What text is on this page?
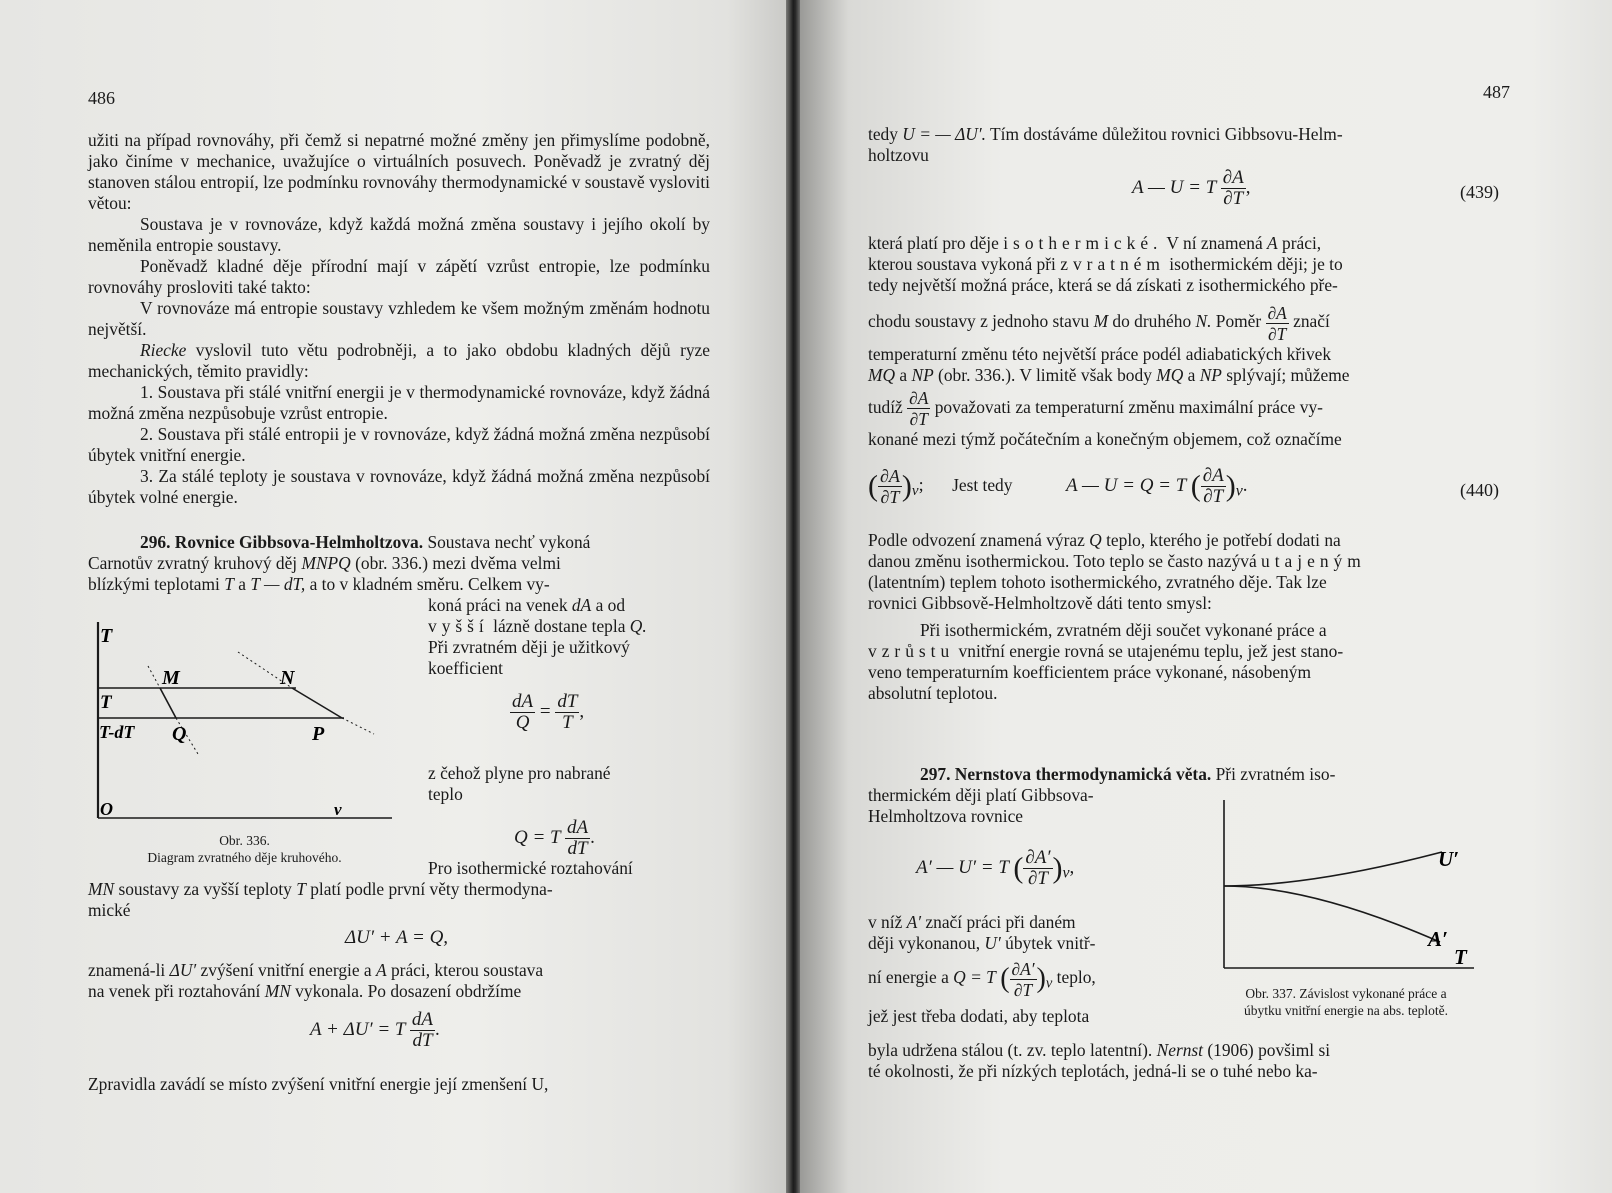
486

užiti na případ rovnováhy, při čemž si nepatrné možné změny jen přimyslíme podobně, jako činíme v mechanice, uvažujíce o virtuálních posuvech. Poněvadž je zvratný děj stanoven stálou entropií, lze podmínku rovnováhy thermodynamické v soustavě vysloviti větou:

Soustava je v rovnováze, když každá možná změna soustavy i jejího okolí by neměnila entropie soustavy.

Poněvadž kladné děje přírodní mají v zápětí vzrůst entropie, lze podmínku rovnováhy prosloviti také takto:

V rovnováze má entropie soustavy vzhledem ke všem možným změnám hodnotu největší.

Riecke vyslovil tuto větu podrobněji, a to jako obdobu kladných dějů ryze mechanických, těmito pravidly:

1. Soustava při stálé vnitřní energii je v thermodynamické rovnováze, když žádná možná změna nezpůsobuje vzrůst entropie.

2. Soustava při stálé entropii je v rovnováze, když žádná možná změna nezpůsobí úbytek vnitřní energie.

3. Za stálé teploty je soustava v rovnováze, když žádná možná změna nezpůsobí úbytek volné energie.

296. Rovnice Gibbsova-Helmholtzova. Soustava nechť vykoná

Carnotův zvratný kruhový děj MNPQ (obr. 336.) mezi dvěma velmi

blízkými teplotami T a T — dT, a to v kladném směru. Celkem vy-

koná práci na venek dA a od

vyšší lázně dostane tepla Q.

Při zvratném ději je užitkový

koefficient

$\frac{dA}{Q} = \frac{dT}{T}$ ,

z čehož plyne pro nabrané

teplo

Q = T $\frac{dA}{dT}$ .
T
T
T-dT
O	v
M	N
P
Q
Obr. 336.
Diagram zvratného děje kruhového.

Pro isothermické roztahování

MN soustavy za vyšší teploty T platí podle první věty thermodyna-

mické

ΔU′ + A = Q,

znamená-li ΔU′ zvýšení vnitřní energie a A práci, kterou soustava

na venek při roztahování MN vykonala. Po dosazení obdržíme

A + ΔU′ = T $\frac{dA}{dT}$ .
Zpravidla zavádí se místo zvýšení vnitřní energie její zmenšení U,
487

tedy U = — ΔU′. Tím dostáváme důležitou rovnici Gibbsovu-Helm-

holtzovu

A — U = T $\frac{\partial A}{\partial T}$ ,	(439)

která platí pro děje isothermické. V ní znamená A práci,

kterou soustava vykoná při zvratném isothermickém ději; je to

tedy největší možná práce, která se dá získati z isothermického pře-

chodu soustavy z jednoho stavu M do druhého N. Poměr $\frac{\partial A}{\partial T}$ značí

temperaturní změnu této největší práce podél adiabatických křivek

MQ a NP (obr. 336.). V limitě však body MQ a NP splývají; můžeme

tudíž $\frac{\partial A}{\partial T}$ považovati za temperaturní změnu maximální práce vy-

konané mezi týmž počátečním a konečným objemem, což označíme

( $\frac{\partial A}{\partial T} )_v$; Jest tedy	A — U = Q = T ( $\frac{\partial A}{\partial T} )_v$.	(440)

Podle odvození znamená výraz Q teplo, kterého je potřebí dodati na

danou změnu isothermickou. Toto teplo se často nazývá utajeným

(latentním) teplem tohoto isothermického, zvratného děje. Tak lze

rovnici Gibbsově-Helmholtzově dáti tento smysl:

Při isothermickém, zvratném ději součet vykonané práce a

vzrůstu vnitřní energie rovná se utajenému teplu, jež jest stano-

veno temperaturním koefficientem práce vykonané, násobeným

absolutní teplotou.

297. Nernstova thermodynamická věta. Při zvratném iso-

thermickém ději platí Gibbsova-

Helmholtzova rovnice

A′ — U′ = T ( $\frac{\partial A'}{\partial T} )_v$,

v níž A′ značí práci při daném

ději vykonanou, U′ úbytek vnitř-

ní energie a Q = T ( $\frac{\partial A'}{\partial T} )_v$ teplo,

jež jest třeba dodati, aby teplota

byla udržena stálou (t. zv. teplo latentní). Nernst (1906) povšiml si

té okolnosti, že při nízkých teplotách, jedná-li se o tuhé nebo ka-

U′
A′
T
Obr. 337. Závislost vykonané práce a
úbytku vnitřní energie na abs. teplotě.
